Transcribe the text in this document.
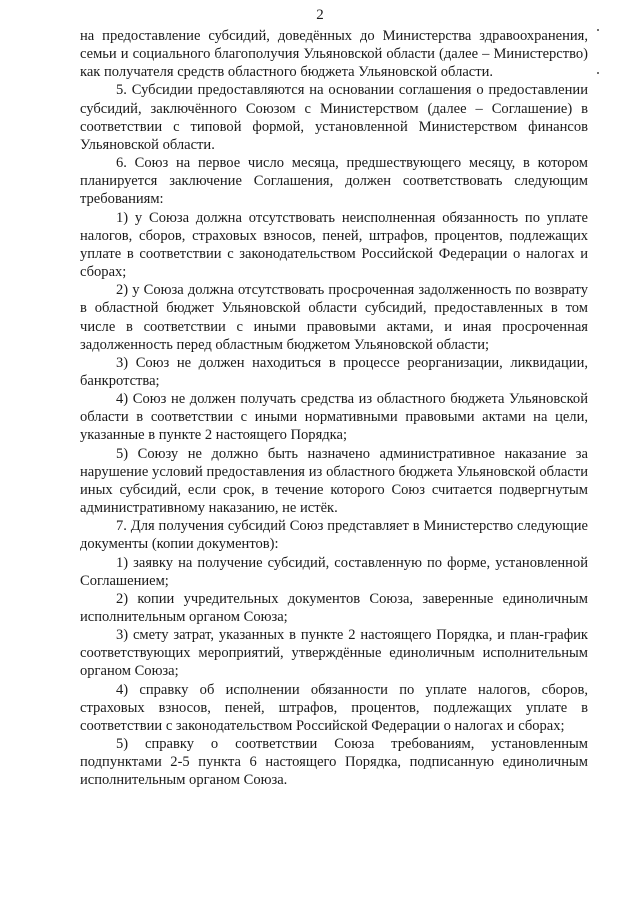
2

на предоставление субсидий, доведённых до Министерства здравоохранения, семьи и социального благополучия Ульяновской области (далее – Министерство) как получателя средств областного бюджета Ульяновской области.

5. Субсидии предоставляются на основании соглашения о предоставлении субсидий, заключённого Союзом с Министерством (далее – Соглашение) в соответствии с типовой формой, установленной Министерством финансов Ульяновской области.

6. Союз на первое число месяца, предшествующего месяцу, в котором планируется заключение Соглашения, должен соответствовать следующим требованиям:

1) у Союза должна отсутствовать неисполненная обязанность по уплате налогов, сборов, страховых взносов, пеней, штрафов, процентов, подлежащих уплате в соответствии с законодательством Российской Федерации о налогах и сборах;

2) у Союза должна отсутствовать просроченная задолженность по возврату в областной бюджет Ульяновской области субсидий, предоставленных в том числе в соответствии с иными правовыми актами, и иная просроченная задолженность перед областным бюджетом Ульяновской области;

3) Союз не должен находиться в процессе реорганизации, ликвидации, банкротства;

4) Союз не должен получать средства из областного бюджета Ульяновской области в соответствии с иными нормативными правовыми актами на цели, указанные в пункте 2 настоящего Порядка;

5) Союзу не должно быть назначено административное наказание за нарушение условий предоставления из областного бюджета Ульяновской области иных субсидий, если срок, в течение которого Союз считается подвергнутым административному наказанию, не истёк.

7. Для получения субсидий Союз представляет в Министерство следующие документы (копии документов):

1) заявку на получение субсидий, составленную по форме, установленной Соглашением;

2) копии учредительных документов Союза, заверенные единоличным исполнительным органом Союза;

3) смету затрат, указанных в пункте 2 настоящего Порядка, и план-график соответствующих мероприятий, утверждённые единоличным исполнительным органом Союза;

4) справку об исполнении обязанности по уплате налогов, сборов, страховых взносов, пеней, штрафов, процентов, подлежащих уплате в соответствии с законодательством Российской Федерации о налогах и сборах;

5) справку о соответствии Союза требованиям, установленным подпунктами 2-5 пункта 6 настоящего Порядка, подписанную единоличным исполнительным органом Союза.
